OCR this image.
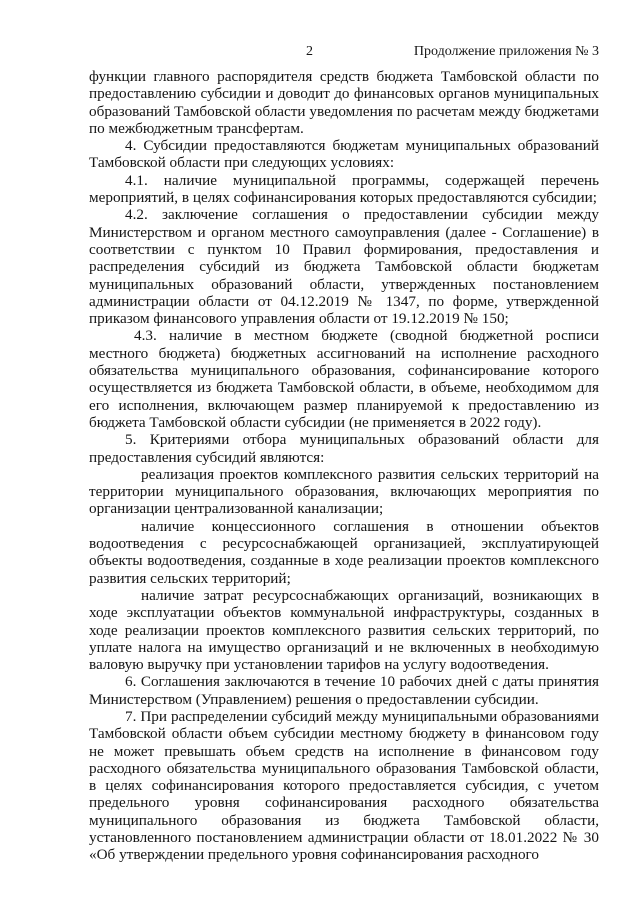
2	Продолжение приложения № 3

функции главного распорядителя средств бюджета Тамбовской области по предоставлению субсидии и доводит до финансовых органов муниципальных образований Тамбовской области уведомления по расчетам между бюджетами по межбюджетным трансфертам.

4. Субсидии предоставляются бюджетам муниципальных образований Тамбовской области при следующих условиях:

4.1. наличие муниципальной программы, содержащей перечень мероприятий, в целях софинансирования которых предоставляются субсидии;

4.2. заключение соглашения о предоставлении субсидии между Министерством и органом местного самоуправления (далее - Соглашение) в соответствии с пунктом 10 Правил формирования, предоставления и распределения субсидий из бюджета Тамбовской области бюджетам муниципальных образований области, утвержденных постановлением администрации области от 04.12.2019 № 1347, по форме, утвержденной приказом финансового управления области от 19.12.2019 № 150;

4.3. наличие в местном бюджете (сводной бюджетной росписи местного бюджета) бюджетных ассигнований на исполнение расходного обязательства муниципального образования, софинансирование которого осуществляется из бюджета Тамбовской области, в объеме, необходимом для его исполнения, включающем размер планируемой к предоставлению из бюджета Тамбовской области субсидии (не применяется в 2022 году).

5. Критериями отбора муниципальных образований области для предоставления субсидий являются:

реализация проектов комплексного развития сельских территорий на территории муниципального образования, включающих мероприятия по организации централизованной канализации;

наличие концессионного соглашения в отношении объектов водоотведения с ресурсоснабжающей организацией, эксплуатирующей объекты водоотведения, созданные в ходе реализации проектов комплексного развития сельских территорий;

наличие затрат ресурсоснабжающих организаций, возникающих в ходе эксплуатации объектов коммунальной инфраструктуры, созданных в ходе реализации проектов комплексного развития сельских территорий, по уплате налога на имущество организаций и не включенных в необходимую валовую выручку при установлении тарифов на услугу водоотведения.

6. Соглашения заключаются в течение 10 рабочих дней с даты принятия Министерством (Управлением) решения о предоставлении субсидии.

7. При распределении субсидий между муниципальными образованиями Тамбовской области объем субсидии местному бюджету в финансовом году не может превышать объем средств на исполнение в финансовом году расходного обязательства муниципального образования Тамбовской области, в целях софинансирования которого предоставляется субсидия, с учетом предельного уровня софинансирования расходного обязательства муниципального образования из бюджета Тамбовской области, установленного постановлением администрации области от 18.01.2022 № 30 «Об утверждении предельного уровня софинансирования расходного
